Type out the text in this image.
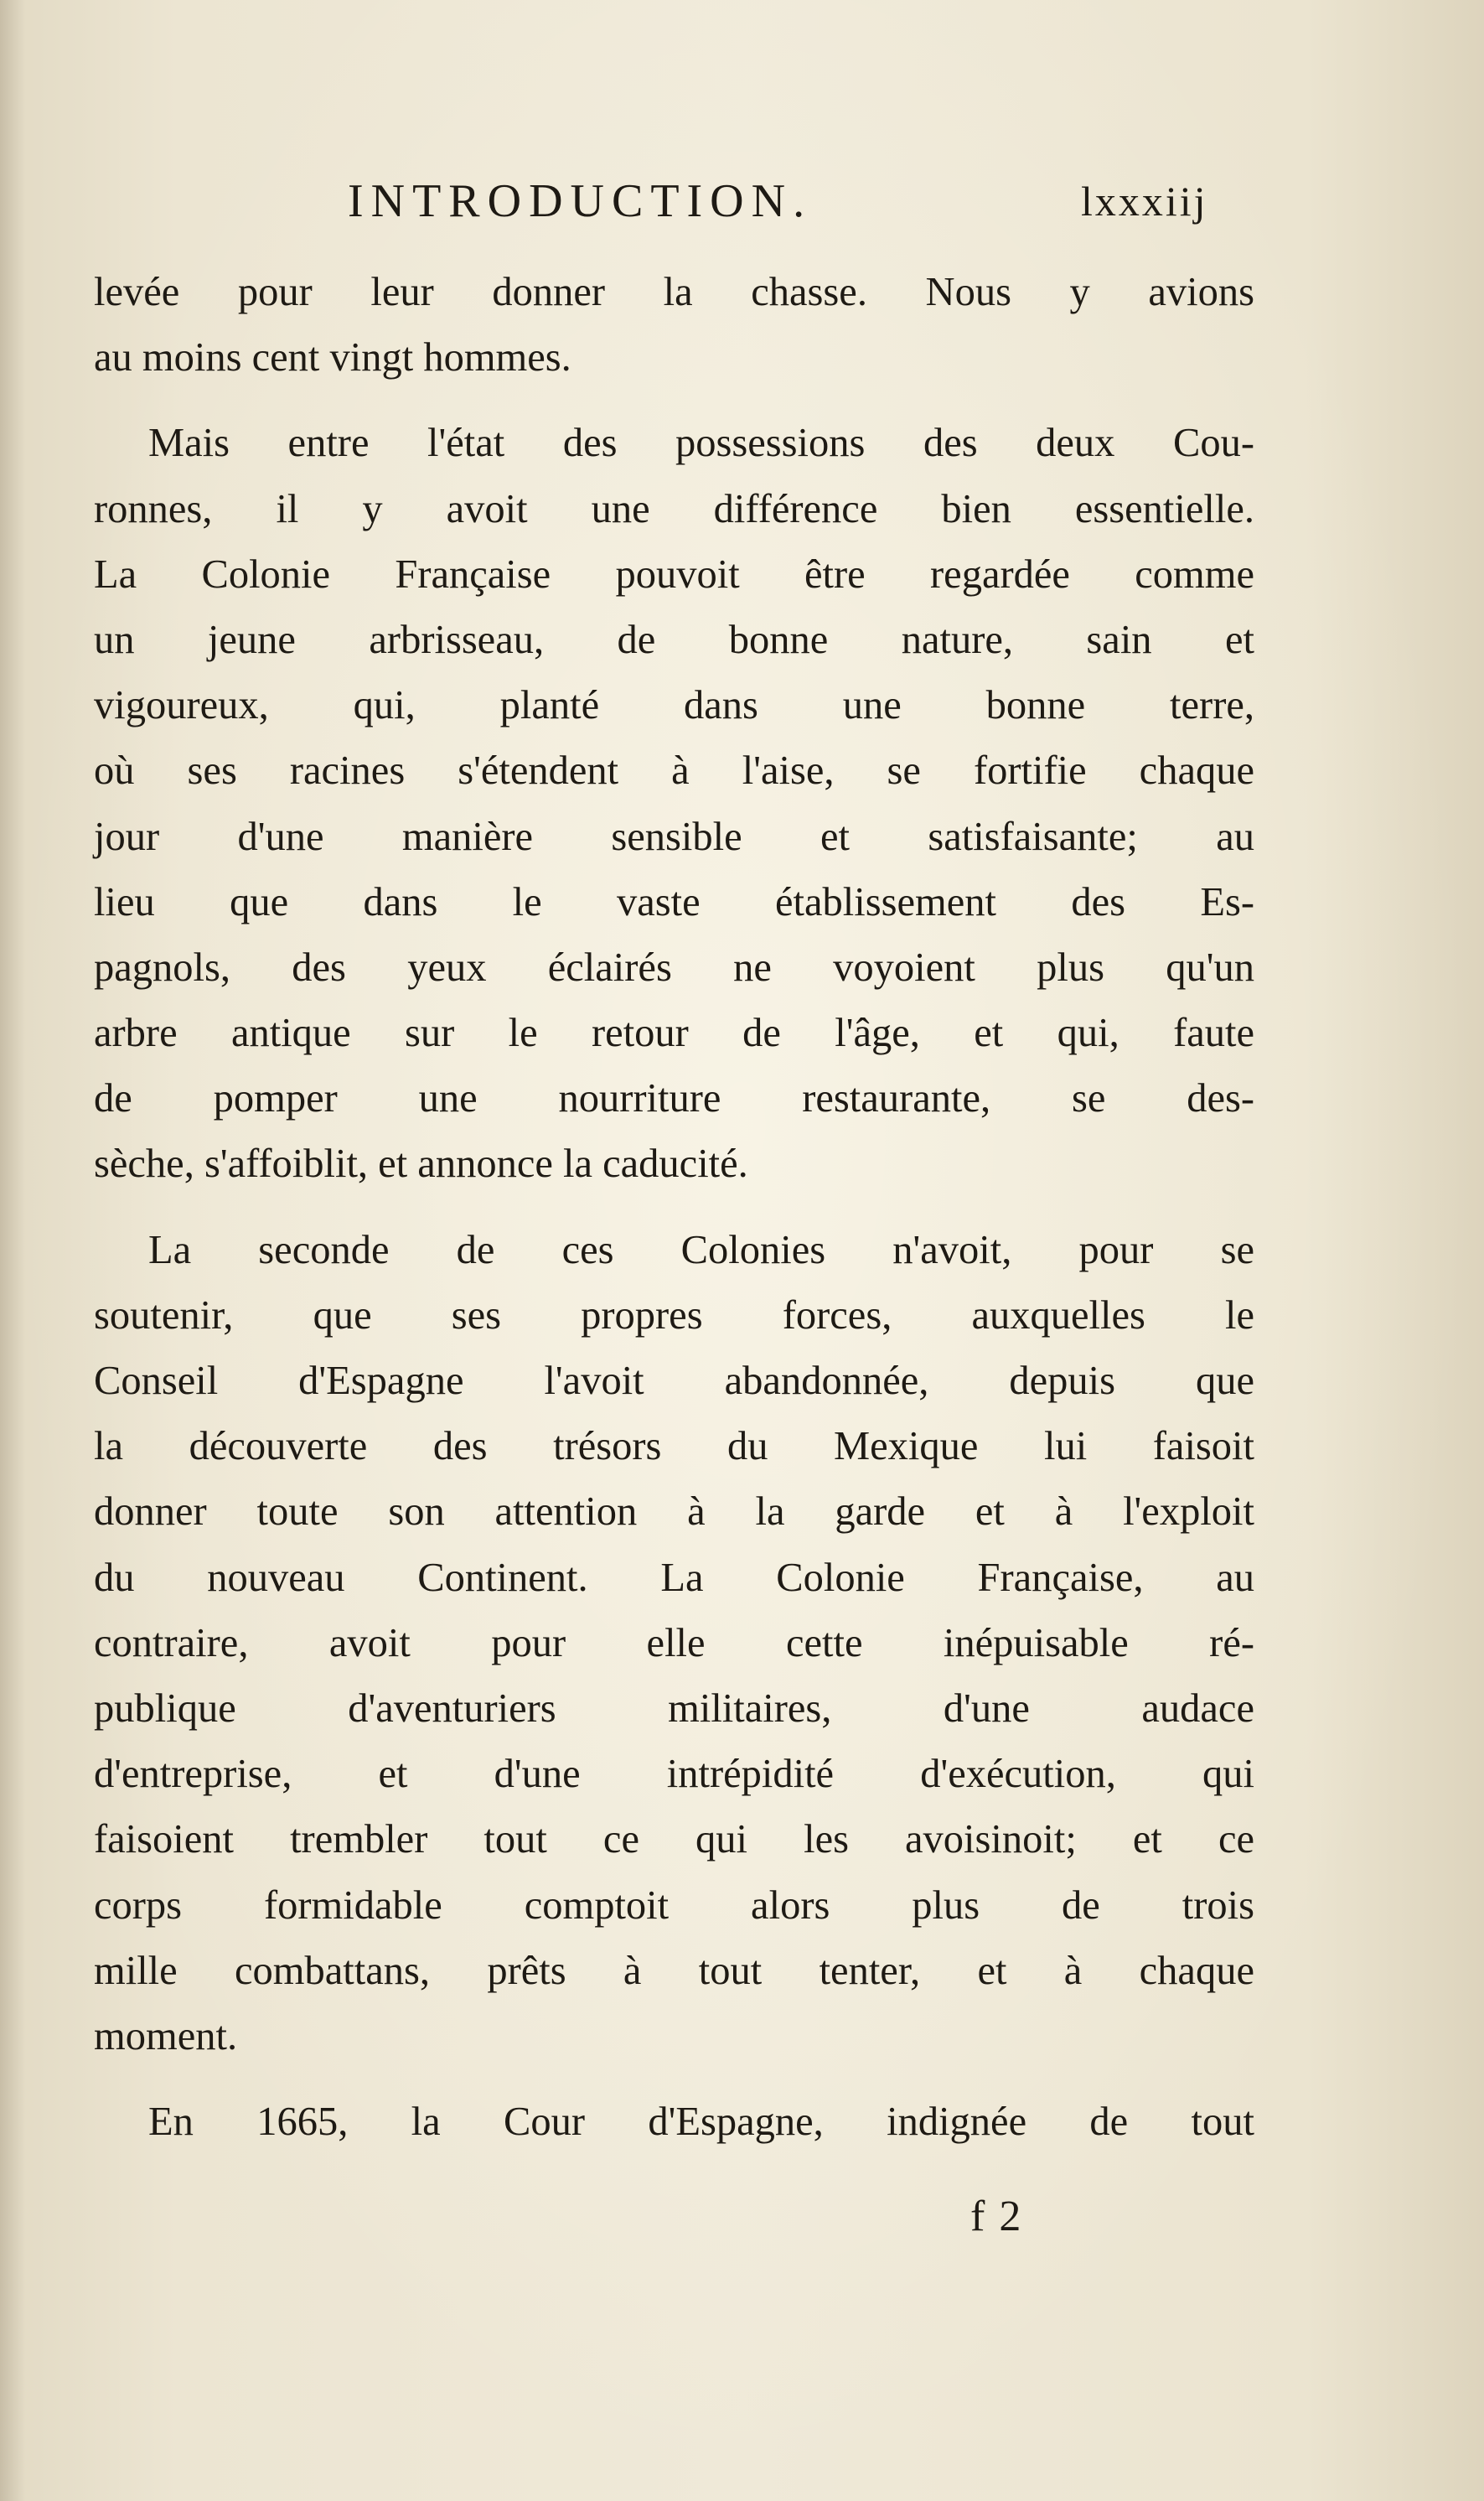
INTRODUCTION.	lxxxiij

levée pour leur donner la chasse. Nous y avions
au moins cent vingt hommes.

Mais entre l'état des possessions des deux Cou-
ronnes, il y avoit une différence bien essentielle.
La Colonie Française pouvoit être regardée comme
un jeune arbrisseau, de bonne nature, sain et
vigoureux, qui, planté dans une bonne terre,
où ses racines s'étendent à l'aise, se fortifie chaque
jour d'une manière sensible et satisfaisante; au
lieu que dans le vaste établissement des Es-
pagnols, des yeux éclairés ne voyoient plus qu'un
arbre antique sur le retour de l'âge, et qui, faute
de pomper une nourriture restaurante, se des-
sèche, s'affoiblit, et annonce la caducité.

La seconde de ces Colonies n'avoit, pour se
soutenir, que ses propres forces, auxquelles le
Conseil d'Espagne l'avoit abandonnée, depuis que
la découverte des trésors du Mexique lui faisoit
donner toute son attention à la garde et à l'exploit
du nouveau Continent. La Colonie Française, au
contraire, avoit pour elle cette inépuisable ré-
publique d'aventuriers militaires, d'une audace
d'entreprise, et d'une intrépidité d'exécution, qui
faisoient trembler tout ce qui les avoisinoit; et ce
corps formidable comptoit alors plus de trois
mille combattans, prêts à tout tenter, et à chaque
moment.

En 1665, la Cour d'Espagne, indignée de tout

f 2
